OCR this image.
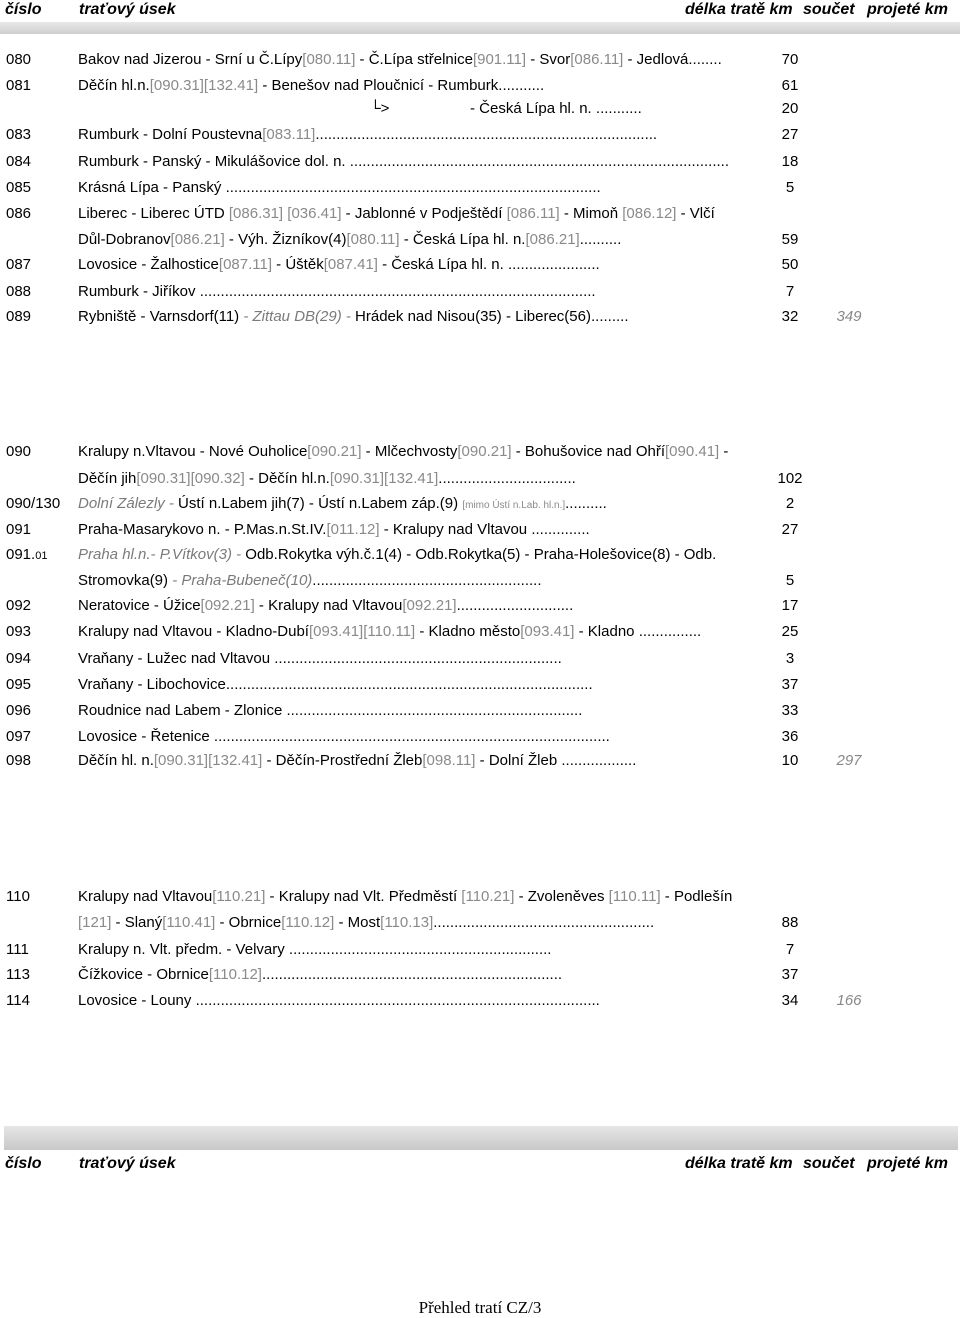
číslo traťový úsek	délka tratě km součet projeté km
080	Bakov nad Jizerou - Srní u Č.Lípy[080.11] - Č.Lípa střelnice[901.11] - Svor[086.11] - Jedlová........	70
081	Děčín hl.n.[090.31][132.41] - Benešov nad Ploučnicí - Rumburk...........	61
└>	- Česká Lípa hl. n. ...........	20
083	Rumburk - Dolní Poustevna[083.11]..................................................................................	27
084	Rumburk - Panský - Mikulášovice dol. n. ...........................................................................................	18
085	Krásná Lípa - Panský ..........................................................................................	5
086	Liberec - Liberec ÚTD [086.31] [036.41] - Jablonné v Podještědí [086.11] - Mimoň [086.12] - Vlčí
Důl-Dobranov[086.21] - Výh. Žizníkov(4)[080.11] - Česká Lípa hl. n.[086.21]..........	59
087	Lovosice - Žalhostice[087.11] - Úštěk[087.41] - Česká Lípa hl. n. ......................	50
088	Rumburk - Jiříkov ...............................................................................................	7
089	Rybniště - Varnsdorf(11) - Zittau DB(29) - Hrádek nad Nisou(35) - Liberec(56).........	32	349
090	Kralupy n.Vltavou - Nové Ouholice[090.21] - Mlčechvosty[090.21] - Bohušovice nad Ohří[090.41] -
Děčín jih[090.31][090.32] - Děčín hl.n.[090.31][132.41].................................	102
090/130 Dolní Zálezly - Ústí n.Labem jih(7) - Ústí n.Labem záp.(9) [mimo Ústí n.Lab. hl.n.]..........	2
091	Praha-Masarykovo n. - P.Mas.n.St.IV.[011.12] - Kralupy nad Vltavou ..............	27
091.01 Praha hl.n.- P.Vítkov(3) - Odb.Rokytka výh.č.1(4) - Odb.Rokytka(5) - Praha-Holešovice(8) - Odb.
Stromovka(9) - Praha-Bubeneč(10).......................................................	5
092	Neratovice - Úžice[092.21] - Kralupy nad Vltavou[092.21]............................	17
093	Kralupy nad Vltavou - Kladno-Dubí[093.41][110.11] - Kladno město[093.41] - Kladno ...............	25
094	Vraňany - Lužec nad Vltavou .....................................................................	3
095	Vraňany - Libochovice........................................................................................	37
096	Roudnice nad Labem - Zlonice .......................................................................	33
097	Lovosice - Řetenice ...............................................................................................	36
098	Děčín hl. n.[090.31][132.41] - Děčín-Prostřední Žleb[098.11] - Dolní Žleb ..................	10	297
110	Kralupy nad Vltavou[110.21] - Kralupy nad Vlt. Předměstí [110.21] - Zvoleněves [110.11] - Podlešín
[121] - Slaný[110.41] - Obrnice[110.12] - Most[110.13].....................................................	88
111	Kralupy n. Vlt. předm. - Velvary ...............................................................	7
113	Čížkovice - Obrnice[110.12]........................................................................	37
114	Lovosice - Louny .................................................................................................	34	166
číslo traťový úsek	délka tratě km součet projeté km
Přehled tratí CZ/3
